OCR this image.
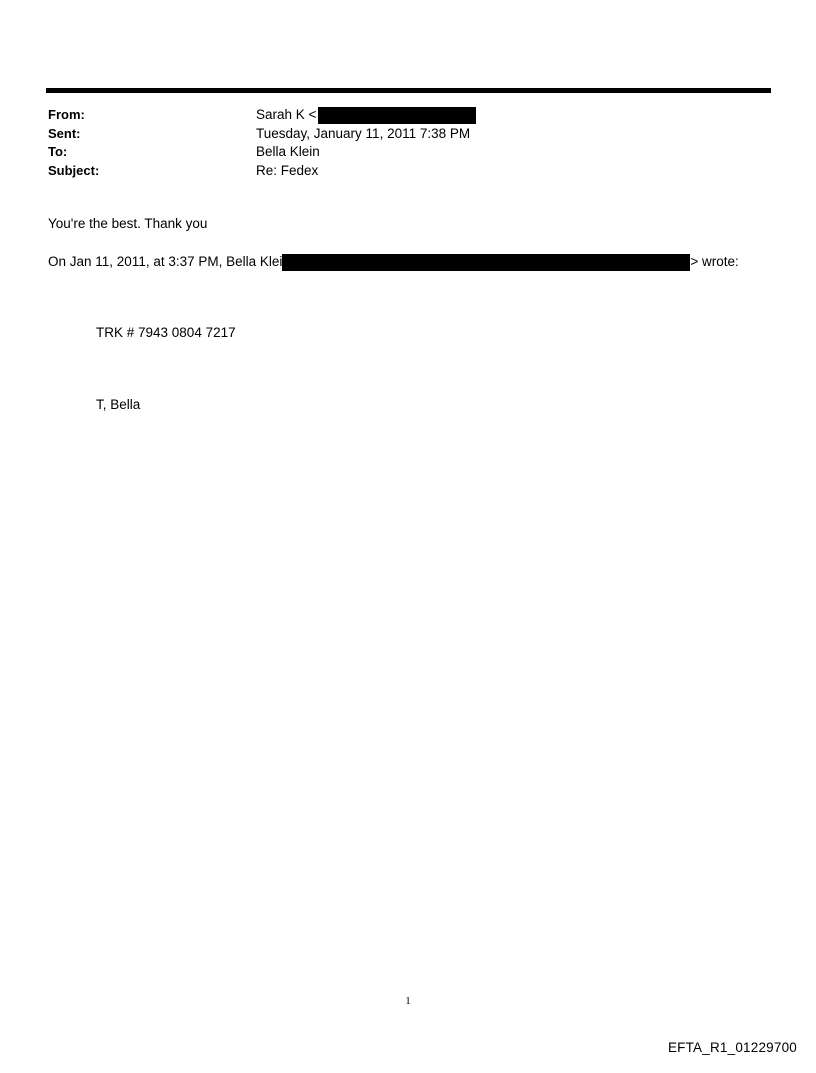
From:	Sarah K <
Sent:	Tuesday, January 11, 2011 7:38 PM
To:	Bella Klein
Subject:	Re: Fedex
You're the best. Thank you
On Jan 11, 2011, at 3:37 PM, Bella Klei	> wrote:
TRK # 7943 0804 7217
T, Bella
1
EFTA_R1_01229700
